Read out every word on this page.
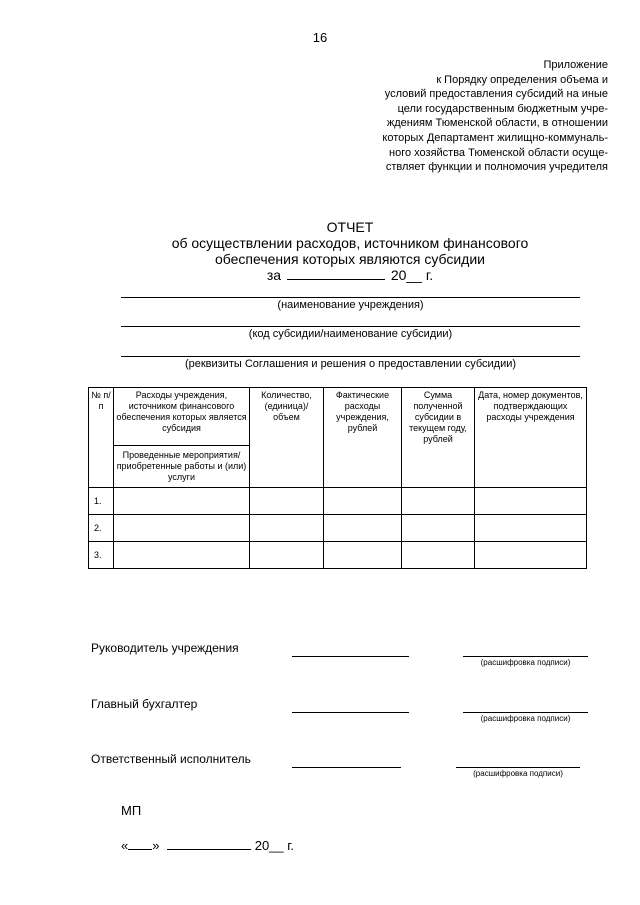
16
Приложение
к Порядку определения объема и
условий предоставления субсидий на иные
цели государственным бюджетным учре-
ждениям Тюменской области, в отношении
которых Департамент жилищно-коммуналь-
ного хозяйства Тюменской области осуще-
ствляет функции и полномочия учредителя
ОТЧЕТ
об осуществлении расходов, источником финансового
обеспечения которых являются субсидии
за	20__ г.
(наименование учреждения)
(код субсидии/наименование субсидии)
(реквизиты Соглашения и решения о предоставлении субсидии)
№ п/п	Расходы учреждения, источником финансового обеспечения которых является субсидия	Количество, (единица)/ объем	Фактические расходы учреждения, рублей	Сумма полученной субсидии в текущем году, рублей	Дата, номер документов, подтверждающих расходы учреждения
	Проведенные мероприятия/ приобретенные работы и (или) услуги				
1.					
2.					
3.					
Руководитель учреждения
(расшифровка подписи)
Главный бухгалтер
(расшифровка подписи)
Ответственный исполнитель
(расшифровка подписи)
МП
« »	20__ г.
